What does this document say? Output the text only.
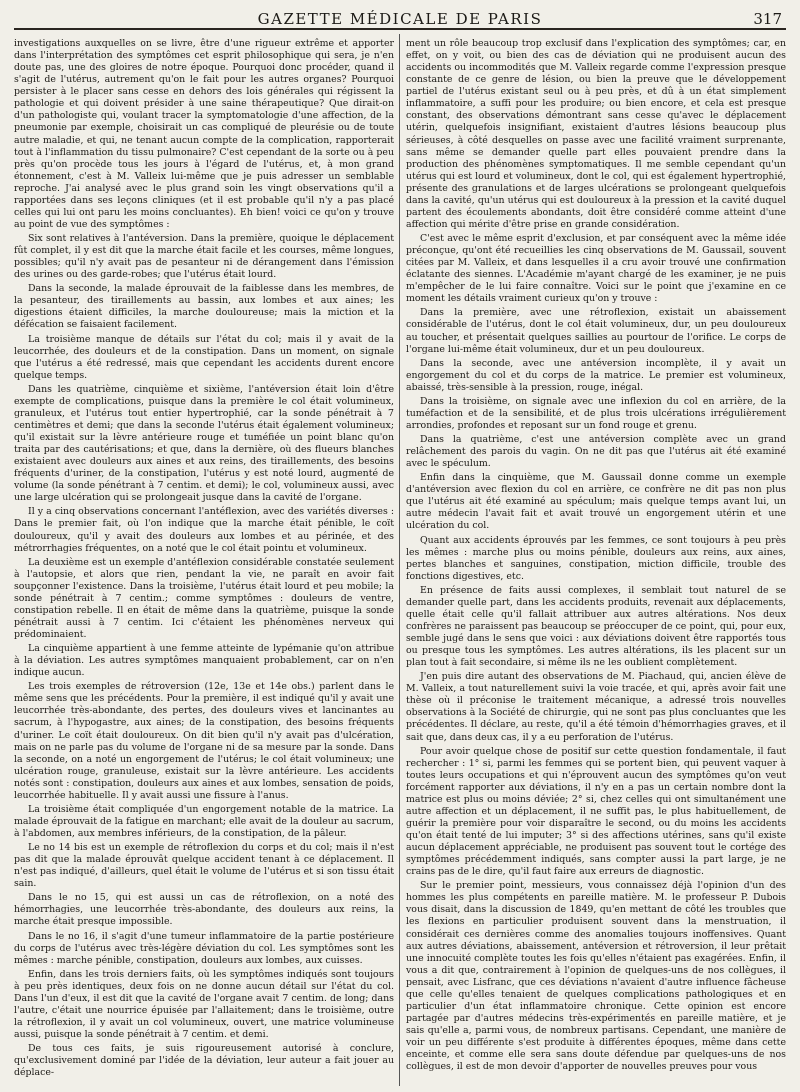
GAZETTE MÉDICALE DE PARIS	317

investigations auxquelles on se livre, être d'une rigueur extrême et apporter dans l'interprétation des symptômes cet esprit philosophique qui sera, je n'en doute pas, une des gloires de notre époque. Pourquoi donc procéder, quand il s'agit de l'utérus, autrement qu'on le fait pour les autres organes? Pourquoi persister à le placer sans cesse en dehors des lois générales qui régissent la pathologie et qui doivent présider à une saine thérapeutique? Que dirait-on d'un pathologiste qui, voulant tracer la symptomatologie d'une affection, de la pneumonie par exemple, choisirait un cas compliqué de pleurésie ou de toute autre maladie, et qui, ne tenant aucun compte de la complication, rapporterait tout à l'inflammation du tissu pulmonaire? C'est cependant de la sorte ou à peu près qu'on procède tous les jours à l'égard de l'utérus, et, à mon grand étonnement, c'est à M. Valleix lui-même que je puis adresser un semblable reproche. J'ai analysé avec le plus grand soin les vingt observations qu'il a rapportées dans ses leçons cliniques (et il est probable qu'il n'y a pas placé celles qui lui ont paru les moins concluantes). Eh bien! voici ce qu'on y trouve au point de vue des symptômes :

Six sont relatives à l'antéversion. Dans la première, quoique le déplacement fût complet, il y est dit que la marche était facile et les courses, même longues, possibles; qu'il n'y avait pas de pesanteur ni de dérangement dans l'émission des urines ou des garde-robes; que l'utérus était lourd.

Dans la seconde, la malade éprouvait de la faiblesse dans les membres, de la pesanteur, des tiraillements au bassin, aux lombes et aux aines; les digestions étaient difficiles, la marche douloureuse; mais la miction et la défécation se faisaient facilement.

La troisième manque de détails sur l'état du col; mais il y avait de la leucorrhée, des douleurs et de la constipation. Dans un moment, on signale que l'utérus a été redressé, mais que cependant les accidents durent encore quelque temps.

Dans les quatrième, cinquième et sixième, l'antéversion était loin d'être exempte de complications, puisque dans la première le col était volumineux, granuleux, et l'utérus tout entier hypertrophié, car la sonde pénétrait à 7 centimètres et demi; que dans la seconde l'utérus était également volumineux; qu'il existait sur la lèvre antérieure rouge et tuméfiée un point blanc qu'on traita par des cautérisations; et que, dans la dernière, où des flueurs blanches existaient avec douleurs aux aines et aux reins, des tiraillements, des besoins fréquents d'uriner, de la constipation, l'utérus y est noté lourd, augmenté de volume (la sonde pénétrant à 7 centim. et demi); le col, volumineux aussi, avec une large ulcération qui se prolongeait jusque dans la cavité de l'organe.

Il y a cinq observations concernant l'antéflexion, avec des variétés diverses : Dans le premier fait, où l'on indique que la marche était pénible, le coït douloureux, qu'il y avait des douleurs aux lombes et au périnée, et des métrorrhagies fréquentes, on a noté que le col était pointu et volumineux.

La deuxième est un exemple d'antéflexion considérable constatée seulement à l'autopsie, et alors que rien, pendant la vie, ne paraît en avoir fait soupçonner l'existence. Dans la troisième, l'utérus était lourd et peu mobile; la sonde pénétrait à 7 centim.; comme symptômes : douleurs de ventre, constipation rebelle. Il en était de même dans la quatrième, puisque la sonde pénétrait aussi à 7 centim. Ici c'étaient les phénomènes nerveux qui prédominaient.

La cinquième appartient à une femme atteinte de lypémanie qu'on attribue à la déviation. Les autres symptômes manquaient probablement, car on n'en indique aucun.

Les trois exemples de rétroversion (12e, 13e et 14e obs.) parlent dans le même sens que les précédents. Pour la première, il est indiqué qu'il y avait une leucorrhée très-abondante, des pertes, des douleurs vives et lancinantes au sacrum, à l'hypogastre, aux aines; de la constipation, des besoins fréquents d'uriner. Le coït était douloureux. On dit bien qu'il n'y avait pas d'ulcération, mais on ne parle pas du volume de l'organe ni de sa mesure par la sonde. Dans la seconde, on a noté un engorgement de l'utérus; le col était volumineux; une ulcération rouge, granuleuse, existait sur la lèvre antérieure. Les accidents notés sont : constipation, douleurs aux aines et aux lombes, sensation de poids, leucorrhée habituelle. Il y avait aussi une fissure à l'anus.

La troisième était compliquée d'un engorgement notable de la matrice. La malade éprouvait de la fatigue en marchant; elle avait de la douleur au sacrum, à l'abdomen, aux membres inférieurs, de la constipation, de la pâleur.

Le no 14 bis est un exemple de rétroflexion du corps et du col; mais il n'est pas dit que la malade éprouvât quelque accident tenant à ce déplacement. Il n'est pas indiqué, d'ailleurs, quel était le volume de l'utérus et si son tissu était sain.

Dans le no 15, qui est aussi un cas de rétroflexion, on a noté des hémorrhagies, une leucorrhée très-abondante, des douleurs aux reins, la marche était presque impossible.

Dans le no 16, il s'agit d'une tumeur inflammatoire de la partie postérieure du corps de l'utérus avec très-légère déviation du col. Les symptômes sont les mêmes : marche pénible, constipation, douleurs aux lombes, aux cuisses.

Enfin, dans les trois derniers faits, où les symptômes indiqués sont toujours à peu près identiques, deux fois on ne donne aucun détail sur l'état du col. Dans l'un d'eux, il est dit que la cavité de l'organe avait 7 centim. de long; dans l'autre, c'était une nourrice épuisée par l'allaitement; dans le troisième, outre la rétroflexion, il y avait un col volumineux, ouvert, une matrice volumineuse aussi, puisque la sonde pénétrait à 7 centim. et demi.

De tous ces faits, je suis rigoureusement autorisé à conclure, qu'exclusivement dominé par l'idée de la déviation, leur auteur a fait jouer au déplace-

ment un rôle beaucoup trop exclusif dans l'explication des symptômes; car, en effet, on y voit, ou bien des cas de déviation qui ne produisent aucun des accidents ou incommodités que M. Valleix regarde comme l'expression presque constante de ce genre de lésion, ou bien la preuve que le développement partiel de l'utérus existant seul ou à peu près, et dû à un état simplement inflammatoire, a suffi pour les produire; ou bien encore, et cela est presque constant, des observations démontrant sans cesse qu'avec le déplacement utérin, quelquefois insignifiant, existaient d'autres lésions beaucoup plus sérieuses, à côté desquelles on passe avec une facilité vraiment surprenante, sans même se demander quelle part elles pouvaient prendre dans la production des phénomènes symptomatiques. Il me semble cependant qu'un utérus qui est lourd et volumineux, dont le col, qui est également hypertrophié, présente des granulations et de larges ulcérations se prolongeant quelquefois dans la cavité, qu'un utérus qui est douloureux à la pression et la cavité duquel partent des écoulements abondants, doit être considéré comme atteint d'une affection qui mérite d'être prise en grande considération.

C'est avec le même esprit d'exclusion, et par conséquent avec la même idée préconçue, qu'ont été recueillies les cinq observations de M. Gaussail, souvent citées par M. Valleix, et dans lesquelles il a cru avoir trouvé une confirmation éclatante des siennes. L'Académie m'ayant chargé de les examiner, je ne puis m'empêcher de le lui faire connaître. Voici sur le point que j'examine en ce moment les détails vraiment curieux qu'on y trouve :

Dans la première, avec une rétroflexion, existait un abaissement considérable de l'utérus, dont le col était volumineux, dur, un peu douloureux au toucher, et présentait quelques saillies au pourtour de l'orifice. Le corps de l'organe lui-même était volumineux, dur et un peu douloureux.

Dans la seconde, avec une antéversion incomplète, il y avait un engorgement du col et du corps de la matrice. Le premier est volumineux, abaissé, très-sensible à la pression, rouge, inégal.

Dans la troisième, on signale avec une inflexion du col en arrière, de la tuméfaction et de la sensibilité, et de plus trois ulcérations irrégulièrement arrondies, profondes et reposant sur un fond rouge et grenu.

Dans la quatrième, c'est une antéversion complète avec un grand relâchement des parois du vagin. On ne dit pas que l'utérus ait été examiné avec le spéculum.

Enfin dans la cinquième, que M. Gaussail donne comme un exemple d'antéversion avec flexion du col en arrière, ce confrère ne dit pas non plus que l'utérus ait été examiné au spéculum; mais quelque temps avant lui, un autre médecin l'avait fait et avait trouvé un engorgement utérin et une ulcération du col.

Quant aux accidents éprouvés par les femmes, ce sont toujours à peu près les mêmes : marche plus ou moins pénible, douleurs aux reins, aux aines, pertes blanches et sanguines, constipation, miction difficile, trouble des fonctions digestives, etc.

En présence de faits aussi complexes, il semblait tout naturel de se demander quelle part, dans les accidents produits, revenait aux déplacements, quelle était celle qu'il fallait attribuer aux autres altérations. Nos deux confrères ne paraissent pas beaucoup se préoccuper de ce point, qui, pour eux, semble jugé dans le sens que voici : aux déviations doivent être rapportés tous ou presque tous les symptômes. Les autres altérations, ils les placent sur un plan tout à fait secondaire, si même ils ne les oublient complètement.

J'en puis dire autant des observations de M. Piachaud, qui, ancien élève de M. Valleix, a tout naturellement suivi la voie tracée, et qui, après avoir fait une thèse où il préconise le traitement mécanique, a adressé trois nouvelles observations à la Société de chirurgie, qui ne sont pas plus concluantes que les précédentes. Il déclare, au reste, qu'il a été témoin d'hémorrhagies graves, et il sait que, dans deux cas, il y a eu perforation de l'utérus.

Pour avoir quelque chose de positif sur cette question fondamentale, il faut rechercher : 1° si, parmi les femmes qui se portent bien, qui peuvent vaquer à toutes leurs occupations et qui n'éprouvent aucun des symptômes qu'on veut forcément rapporter aux déviations, il n'y en a pas un certain nombre dont la matrice est plus ou moins déviée; 2° si, chez celles qui ont simultanément une autre affection et un déplacement, il ne suffit pas, le plus habituellement, de guérir la première pour voir disparaître le second, ou du moins les accidents qu'on était tenté de lui imputer; 3° si des affections utérines, sans qu'il existe aucun déplacement appréciable, ne produisent pas souvent tout le cortége des symptômes précédemment indiqués, sans compter aussi la part large, je ne crains pas de le dire, qu'il faut faire aux erreurs de diagnostic.

Sur le premier point, messieurs, vous connaissez déjà l'opinion d'un des hommes les plus compétents en pareille matière. M. le professeur P. Dubois vous disait, dans la discussion de 1849, qu'en mettant de côté les troubles que les flexions en particulier produisent souvent dans la menstruation, il considérait ces dernières comme des anomalies toujours inoffensives. Quant aux autres déviations, abaissement, antéversion et rétroversion, il leur prêtait une innocuité complète toutes les fois qu'elles n'étaient pas exagérées. Enfin, il vous a dit que, contrairement à l'opinion de quelques-uns de nos collègues, il pensait, avec Lisfranc, que ces déviations n'avaient d'autre influence fâcheuse que celle qu'elles tenaient de quelques complications pathologiques et en particulier d'un état inflammatoire chronique. Cette opinion est encore partagée par d'autres médecins très-expérimentés en pareille matière, et je sais qu'elle a, parmi vous, de nombreux partisans. Cependant, une manière de voir un peu différente s'est produite à différentes époques, même dans cette enceinte, et comme elle sera sans doute défendue par quelques-uns de nos collègues, il est de mon devoir d'apporter de nouvelles preuves pour vous
